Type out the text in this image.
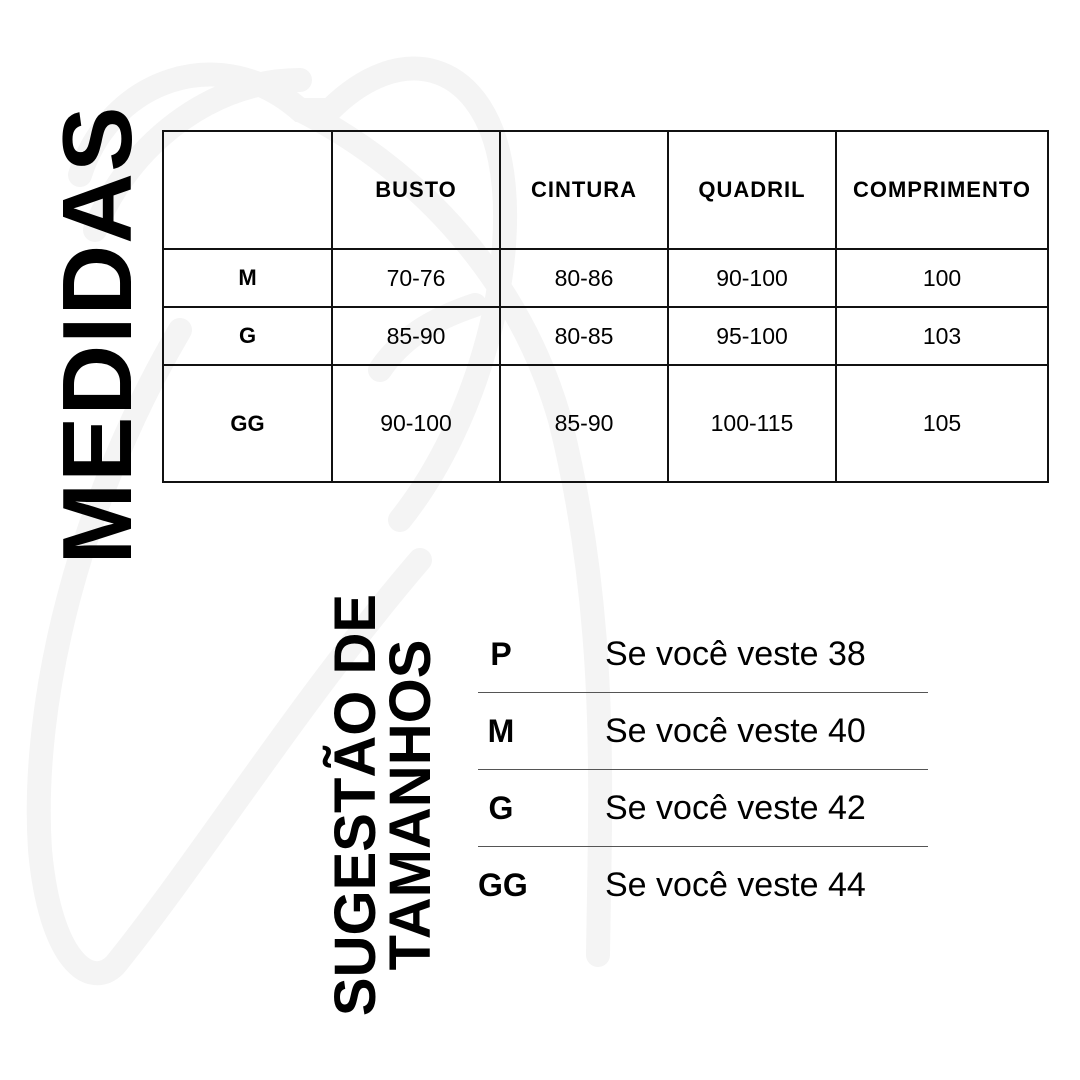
MEDIDAS
		BUSTO	CINTURA	QUADRIL	COMPRIMENTO
M	70-76	80-86	90-100	100
G	85-90	80-85	95-100	103
GG	90-100	85-90	100-115	105
SUGESTÃO DE
TAMANHOS	P	Se você veste 38
M	Se você veste 40
G	Se você veste 42
GG Se você veste 44
